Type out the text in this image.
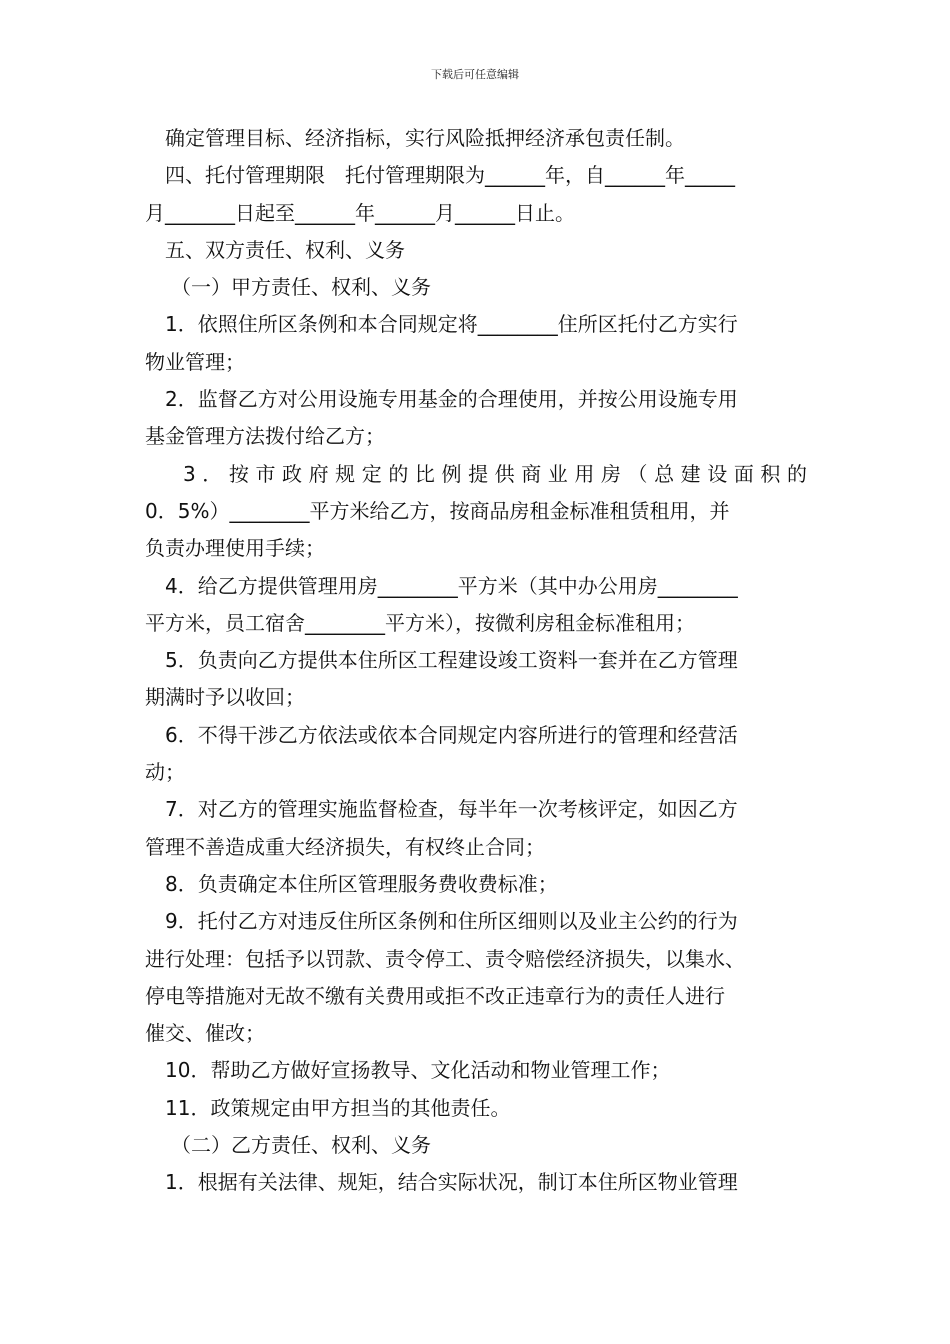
下载后可任意编辑
确定管理目标、经济指标，实行风险抵押经济承包责任制。
四、托付管理期限　托付管理期限为______年，自______年_____
月_______日起至______年______月______日止。
五、双方责任、权利、义务
（一）甲方责任、权利、义务
1．依照住所区条例和本合同规定将________住所区托付乙方实行
物业管理；
2．监督乙方对公用设施专用基金的合理使用，并按公用设施专用
基金管理方法拨付给乙方；
3．按市政府规定的比例提供商业用房（总建设面积的
0．5%）________平方米给乙方，按商品房租金标准租赁租用，并
负责办理使用手续；
4．给乙方提供管理用房________平方米（其中办公用房________
平方米，员工宿舍________平方米），按微利房租金标准租用；
5．负责向乙方提供本住所区工程建设竣工资料一套并在乙方管理
期满时予以收回；
6．不得干涉乙方依法或依本合同规定内容所进行的管理和经营活
动；
7．对乙方的管理实施监督检查，每半年一次考核评定，如因乙方
管理不善造成重大经济损失，有权终止合同；
8．负责确定本住所区管理服务费收费标准；
9．托付乙方对违反住所区条例和住所区细则以及业主公约的行为
进行处理：包括予以罚款、责令停工、责令赔偿经济损失，以集水、
停电等措施对无故不缴有关费用或拒不改正违章行为的责任人进行
催交、催改；
10．帮助乙方做好宣扬教导、文化活动和物业管理工作；
11．政策规定由甲方担当的其他责任。
（二）乙方责任、权利、义务
1．根据有关法律、规矩，结合实际状况，制订本住所区物业管理
